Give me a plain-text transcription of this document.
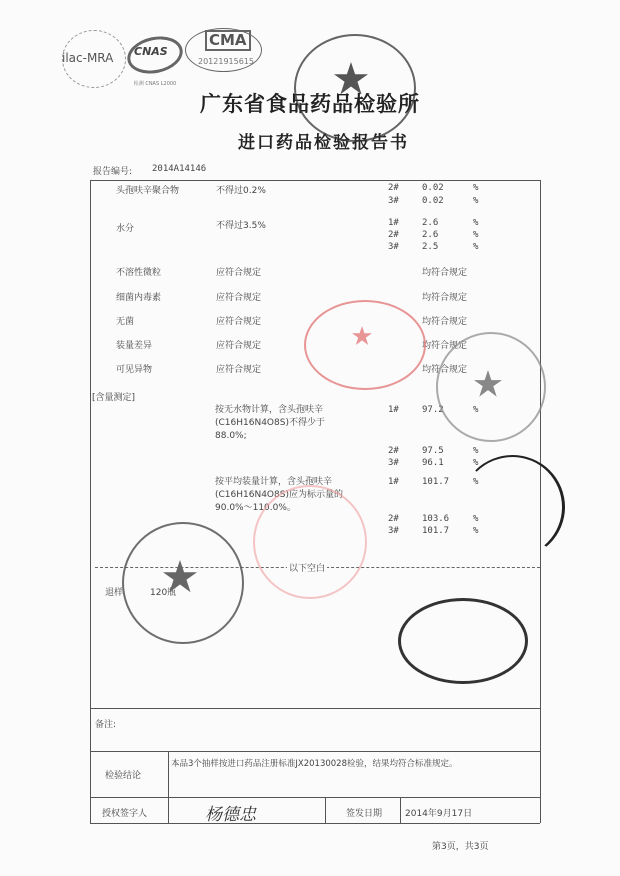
ilac-MRA CNAS
检测 CNAS L2000
CMA
20121915615
广东省食品药品检验所
进口药品检验报告书
报告编号: 2014A14146
头孢呋辛聚合物	不得过0.2%	2#	0.02	%
3#	0.02	%
水分	不得过3.5%	1#	2.6	%
2#	2.6	%
3#	2.5	%
不溶性微粒	应符合规定	均符合规定
细菌内毒素	应符合规定	均符合规定
无菌	应符合规定	均符合规定
装量差异	应符合规定	均符合规定
可见异物	应符合规定	均符合规定
[含量测定]
按无水物计算，含头孢呋辛(C16H16N4O8S)不得少于88.0%;
1#	97.2	%
2#	97.5	%
3#	96.1	%
按平均装量计算，含头孢呋辛(C16H16N4O8S)应为标示量的90.0%～110.0%。
1#	101.7	%
2#	103.6	%
3#	101.7	%
以下空白
退样	120瓶
备注:
检验结论
本品3个抽样按进口药品注册标准JX20130028检验，结果均符合标准规定。
授权签字人	杨德忠	签发日期	2014年9月17日
第3页，共3页
